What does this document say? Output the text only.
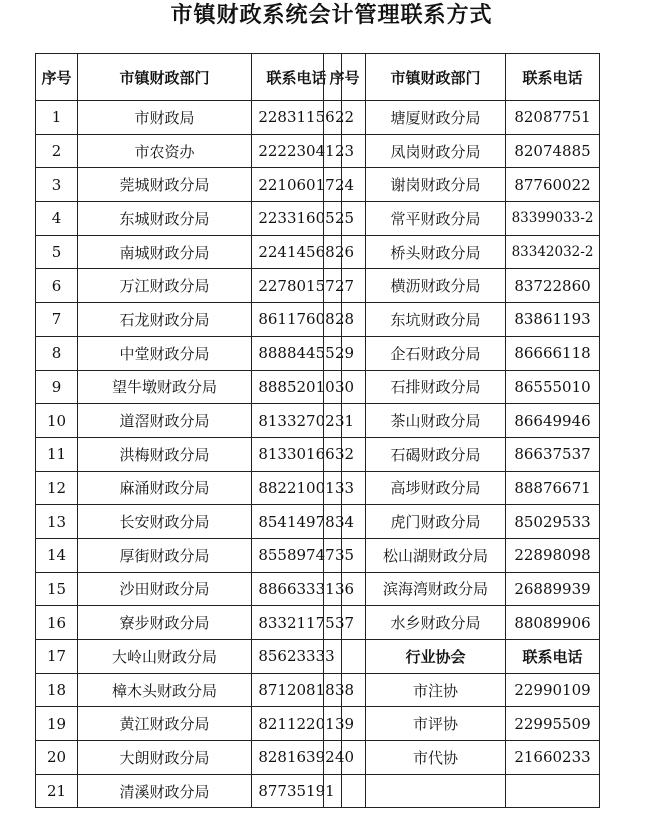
市镇财政系统会计管理联系方式
序号	市镇财政部门	联系电话
1	市财政局	22831156
2	市农资办	22223041
3	莞城财政分局	22106017
4	东城财政分局	22331605
5	南城财政分局	22414568
6	万江财政分局	22780157
7	石龙财政分局	86117608
8	中堂财政分局	88884455
9	望牛墩财政分局	88852010
10	道滘财政分局	81332702
11	洪梅财政分局	81330166
12	麻涌财政分局	88221001
13	长安财政分局	85414978
14	厚街财政分局	85589747
15	沙田财政分局	88663331
16	寮步财政分局	83321175
17	大岭山财政分局	85623333
18	樟木头财政分局	87120818
19	黄江财政分局	82112201
20	大朗财政分局	82816392
21	清溪财政分局	87735191
序号	市镇财政部门	联系电话
22	塘厦财政分局	82087751
23	凤岗财政分局	82074885
24	谢岗财政分局	87760022
25	常平财政分局	83399033-2
26	桥头财政分局	83342032-2
27	横沥财政分局	83722860
28	东坑财政分局	83861193
29	企石财政分局	86666118
30	石排财政分局	86555010
31	茶山财政分局	86649946
32	石碣财政分局	86637537
33	高埗财政分局	88876671
34	虎门财政分局	85029533
35	松山湖财政分局	22898098
36	滨海湾财政分局	26889939
37	水乡财政分局	88089906
	行业协会	联系电话
38	市注协	22990109
39	市评协	22995509
40	市代协	21660233
